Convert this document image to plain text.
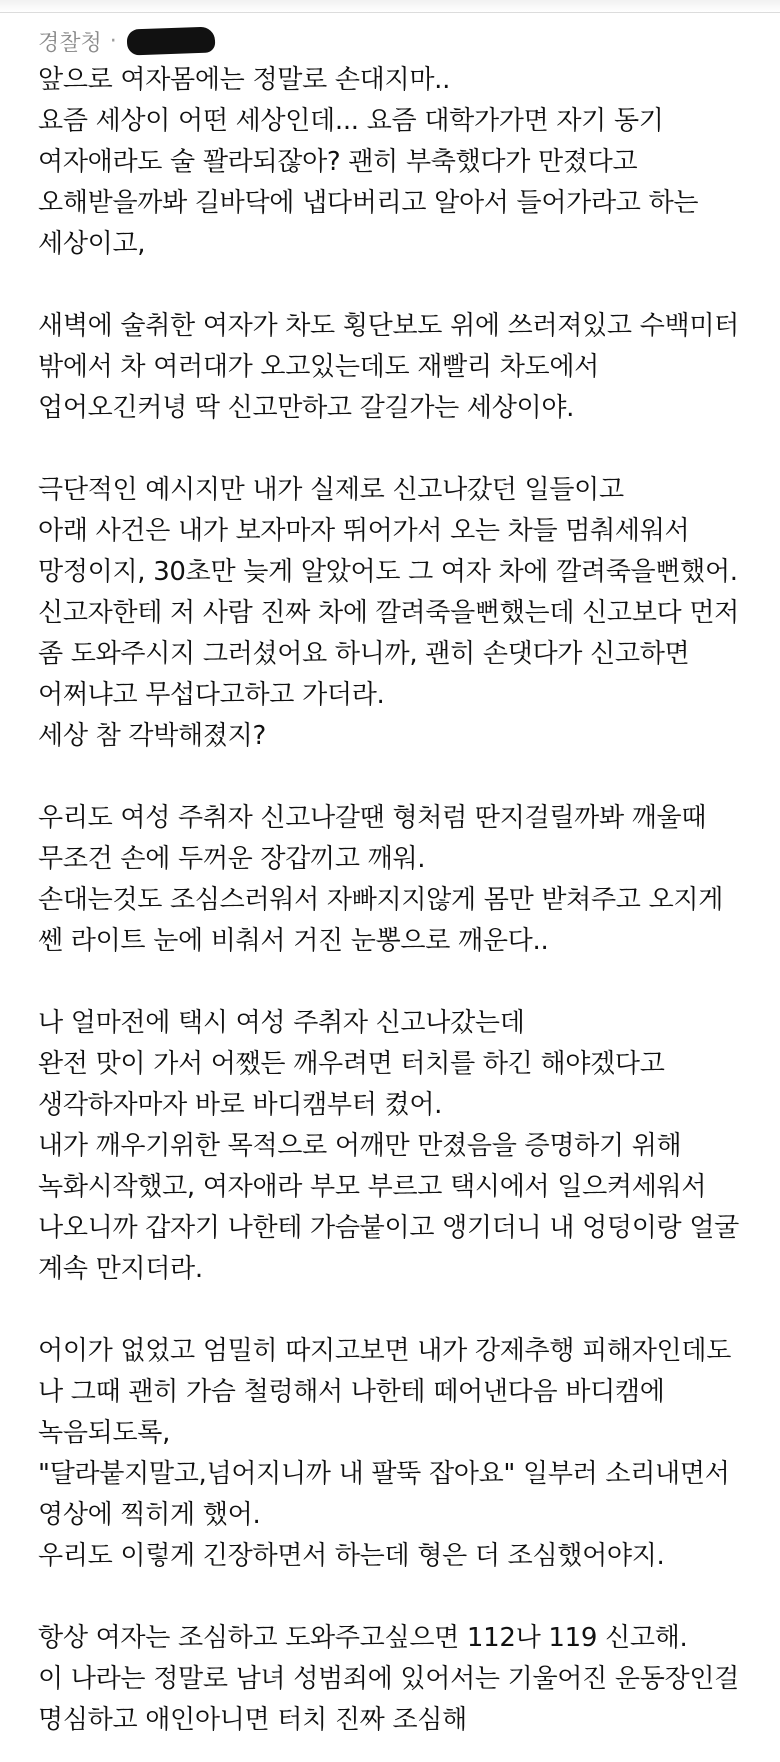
경찰청 ·
앞으로 여자몸에는 정말로 손대지마..
요즘 세상이 어떤 세상인데... 요즘 대학가가면 자기 동기
여자애라도 술 꽐라되잖아? 괜히 부축했다가 만졌다고
오해받을까봐 길바닥에 냅다버리고 알아서 들어가라고 하는
세상이고,
새벽에 술취한 여자가 차도 횡단보도 위에 쓰러져있고 수백미터
밖에서 차 여러대가 오고있는데도 재빨리 차도에서
업어오긴커녕 딱 신고만하고 갈길가는 세상이야.
극단적인 예시지만 내가 실제로 신고나갔던 일들이고
아래 사건은 내가 보자마자 뛰어가서 오는 차들 멈춰세워서
망정이지, 30초만 늦게 알았어도 그 여자 차에 깔려죽을뻔했어.
신고자한테 저 사람 진짜 차에 깔려죽을뻔했는데 신고보다 먼저
좀 도와주시지 그러셨어요 하니까, 괜히 손댓다가 신고하면
어쩌냐고 무섭다고하고 가더라.
세상 참 각박해졌지?
우리도 여성 주취자 신고나갈땐 형처럼 딴지걸릴까봐 깨울때
무조건 손에 두꺼운 장갑끼고 깨워.
손대는것도 조심스러워서 자빠지지않게 몸만 받쳐주고 오지게
쎈 라이트 눈에 비춰서 거진 눈뽕으로 깨운다..
나 얼마전에 택시 여성 주취자 신고나갔는데
완전 맛이 가서 어쨌든 깨우려면 터치를 하긴 해야겠다고
생각하자마자 바로 바디캠부터 켰어.
내가 깨우기위한 목적으로 어깨만 만졌음을 증명하기 위해
녹화시작했고, 여자애라 부모 부르고 택시에서 일으켜세워서
나오니까 갑자기 나한테 가슴붙이고 앵기더니 내 엉덩이랑 얼굴
계속 만지더라.
어이가 없었고 엄밀히 따지고보면 내가 강제추행 피해자인데도
나 그때 괜히 가슴 철렁해서 나한테 떼어낸다음 바디캠에
녹음되도록,
"달라붙지말고,넘어지니까 내 팔뚝 잡아요" 일부러 소리내면서
영상에 찍히게 했어.
우리도 이렇게 긴장하면서 하는데 형은 더 조심했어야지.
항상 여자는 조심하고 도와주고싶으면 112나 119 신고해.
이 나라는 정말로 남녀 성범죄에 있어서는 기울어진 운동장인걸
명심하고 애인아니면 터치 진짜 조심해
